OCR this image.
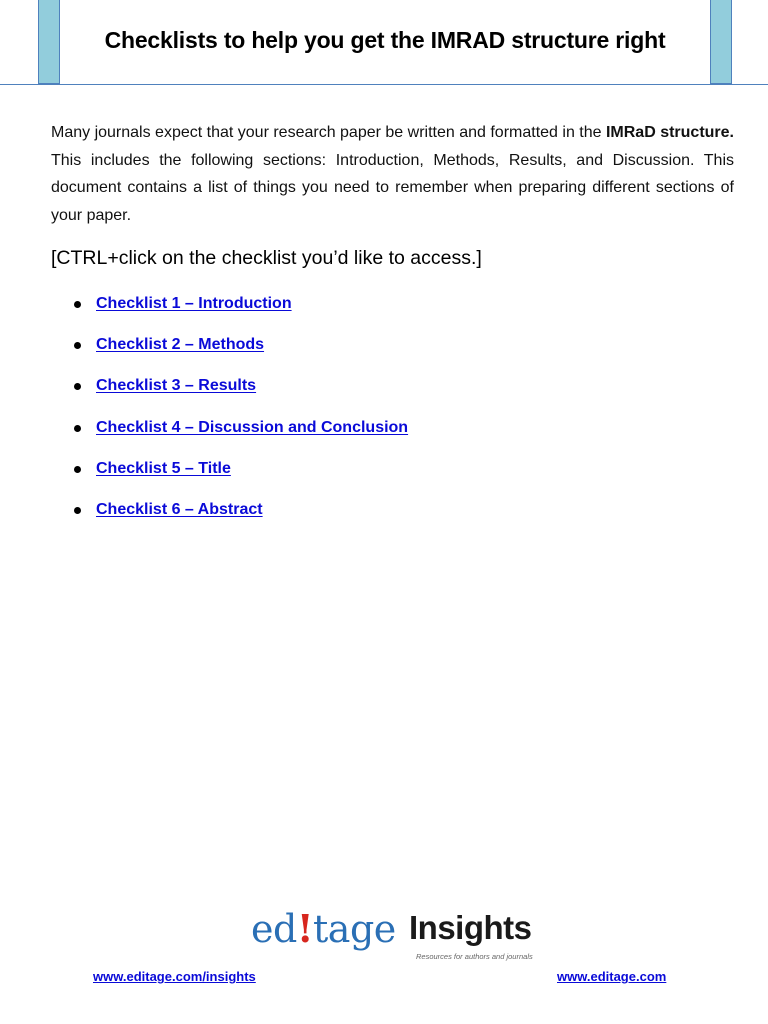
Checklists to help you get the IMRAD structure right

Many journals expect that your research paper be written and formatted in the IMRaD structure. This includes the following sections: Introduction, Methods, Results, and Discussion. This document contains a list of things you need to remember when preparing different sections of your paper.

[CTRL+click on the checklist you’d like to access.]
Checklist 1 – Introduction
Checklist 2 – Methods
Checklist 3 – Results
Checklist 4 – Discussion and Conclusion
Checklist 5 – Title
Checklist 6 – Abstract
ed!tage Insights
Resources for authors and journals
www.editage.com/insights	www.editage.com
